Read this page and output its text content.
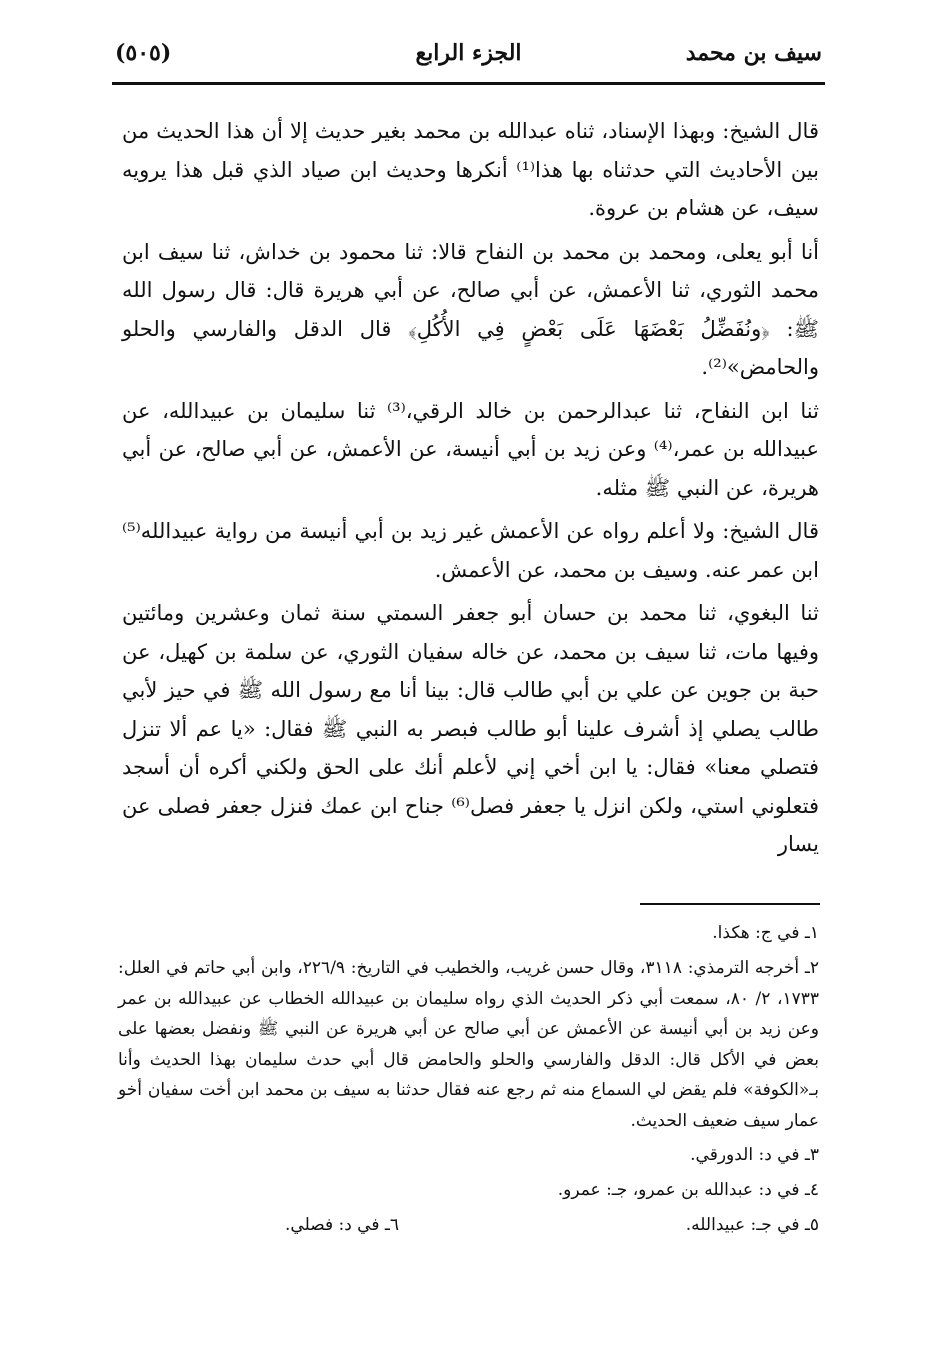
سيف بن محمد
الجزء الرابع
(٥٠٥)

قال الشيخ: وبهذا الإسناد، ثناه عبدالله بن محمد بغير حديث إلا أن هذا الحديث من بين الأحاديث التي حدثناه بها هذا⁽¹⁾ أنكرها وحديث ابن صياد الذي قبل هذا يرويه سيف، عن هشام بن عروة.

أنا أبو يعلى، ومحمد بن محمد بن النفاح قالا: ثنا محمود بن خداش، ثنا سيف ابن محمد الثوري، ثنا الأعمش، عن أبي صالح، عن أبي هريرة قال: قال رسول الله ﷺ: ﴿ونُفَضِّلُ بَعْضَهَا عَلَى بَعْضٍ فِي الأُكُلِ﴾ قال الدقل والفارسي والحلو والحامض»⁽²⁾.

ثنا ابن النفاح، ثنا عبدالرحمن بن خالد الرقي،⁽³⁾ ثنا سليمان بن عبيدالله، عن عبيدالله بن عمر،⁽⁴⁾ وعن زيد بن أبي أنيسة، عن الأعمش، عن أبي صالح، عن أبي هريرة، عن النبي ﷺ مثله.

قال الشيخ: ولا أعلم رواه عن الأعمش غير زيد بن أبي أنيسة من رواية عبيدالله⁽⁵⁾ ابن عمر عنه. وسيف بن محمد، عن الأعمش.

ثنا البغوي، ثنا محمد بن حسان أبو جعفر السمتي سنة ثمان وعشرين ومائتين وفيها مات، ثنا سيف بن محمد، عن خاله سفيان الثوري، عن سلمة بن كهيل، عن حبة بن جوين عن علي بن أبي طالب قال: بينا أنا مع رسول الله ﷺ في حيز لأبي طالب يصلي إذ أشرف علينا أبو طالب فبصر به النبي ﷺ فقال: «يا عم ألا تنزل فتصلي معنا» فقال: يا ابن أخي إني لأعلم أنك على الحق ولكني أكره أن أسجد فتعلوني استي، ولكن انزل يا جعفر فصل⁽⁶⁾ جناح ابن عمك فنزل جعفر فصلى عن يسار

١ـ في ج: هكذا.

٢ـ أخرجه الترمذي: ٣١١٨، وقال حسن غريب، والخطيب في التاريخ: ٢٢٦/٩، وابن أبي حاتم في العلل: ١٧٣٣، ٢/ ٨٠، سمعت أبي ذكر الحديث الذي رواه سليمان بن عبيدالله الخطاب عن عبيدالله بن عمر وعن زيد بن أبي أنيسة عن الأعمش عن أبي صالح عن أبي هريرة عن النبي ﷺ ونفضل بعضها على بعض في الأكل قال: الدقل والفارسي والحلو والحامض قال أبي حدث سليمان بهذا الحديث وأنا بـ«الكوفة» فلم يقض لي السماع منه ثم رجع عنه فقال حدثنا به سيف بن محمد ابن أخت سفيان أخو عمار سيف ضعيف الحديث.

٣ـ في د: الدورقي.

٤ـ في د: عبدالله بن عمرو، جـ: عمرو.

٥ـ في جـ: عبيدالله.
٦ـ في د: فصلي.
